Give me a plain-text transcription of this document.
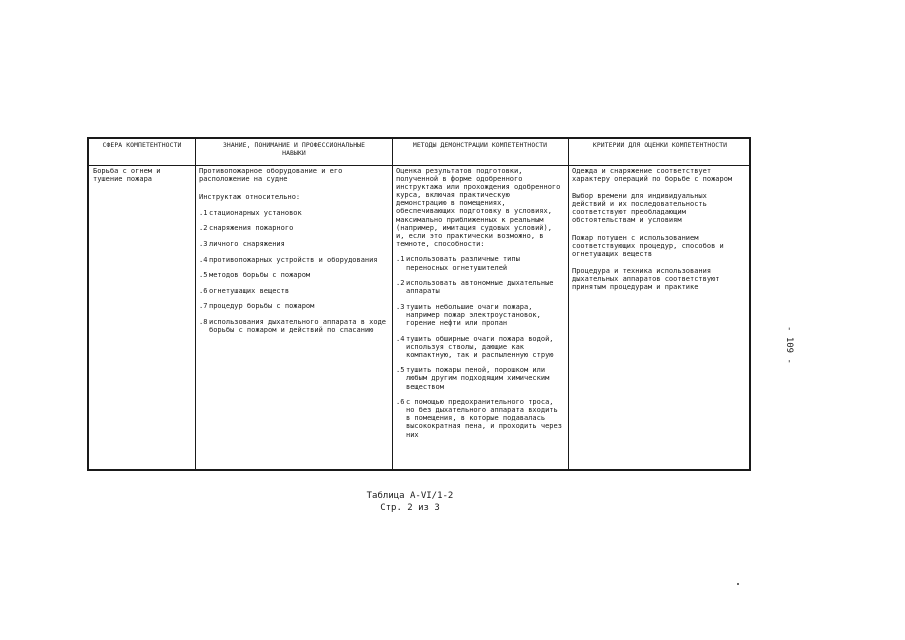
СФЕРА КОМПЕТЕНТНОСТИ	ЗНАНИЕ, ПОНИМАНИЕ И ПРОФЕССИОНАЛЬНЫЕ НАВЫКИ
МЕТОДЫ ДЕМОНСТРАЦИИ КОМПЕТЕНТНОСТИ	КРИТЕРИИ ДЛЯ ОЦЕНКИ КОМПЕТЕНТНОСТИ

Борьба с огнем и тушение пожара

Противопожарное оборудование и его расположение на судне

Инструктаж относительно:

.1 стационарных установок
.2 снаряжения пожарного
.3 личного снаряжения
.4 противопожарных устройств и оборудования
.5 методов борьбы с пожаром
.6 огнетушащих веществ
.7 процедур борьбы с пожаром
.8 использования дыхательного аппарата в ходе борьбы с пожаром и действий по спасанию

Оценка результатов подготовки, полученной в форме одобренного инструктажа или прохождения одобренного курса, включая практическую демонстрацию в помещениях, обеспечивающих подготовку в условиях, максимально приближенных к реальным (например, имитация судовых условий), и, если это практически возможно, в темноте, способности:

.1 использовать различные типы переносных огнетушителей
.2 использовать автономные дыхательные аппараты
.3 тушить небольшие очаги пожара, например пожар электроустановок, горение нефти или пропан
.4 тушить обширные очаги пожара водой, используя стволы, дающие как компактную, так и распыленную струю
.5 тушить пожары пеной, порошком или любым другим подходящим химическим веществом
.6 с помощью предохранительного троса, но без дыхательного аппарата входить в помещения, в которые подавалась высокократная пена, и проходить через них

Одежда и снаряжение соответствует характеру операций по борьбе с пожаром

Выбор времени для индивидуальных действий и их последовательность соответствуют преобладающим обстоятельствам и условиям

Пожар потушен с использованием соответствующих процедур, способов и огнетушащих веществ

Процедура и техника использования дыхательных аппаратов соответствуют принятым процедурам и практике

Таблица А-VI/1-2
Стр. 2 из 3
- 109 -
